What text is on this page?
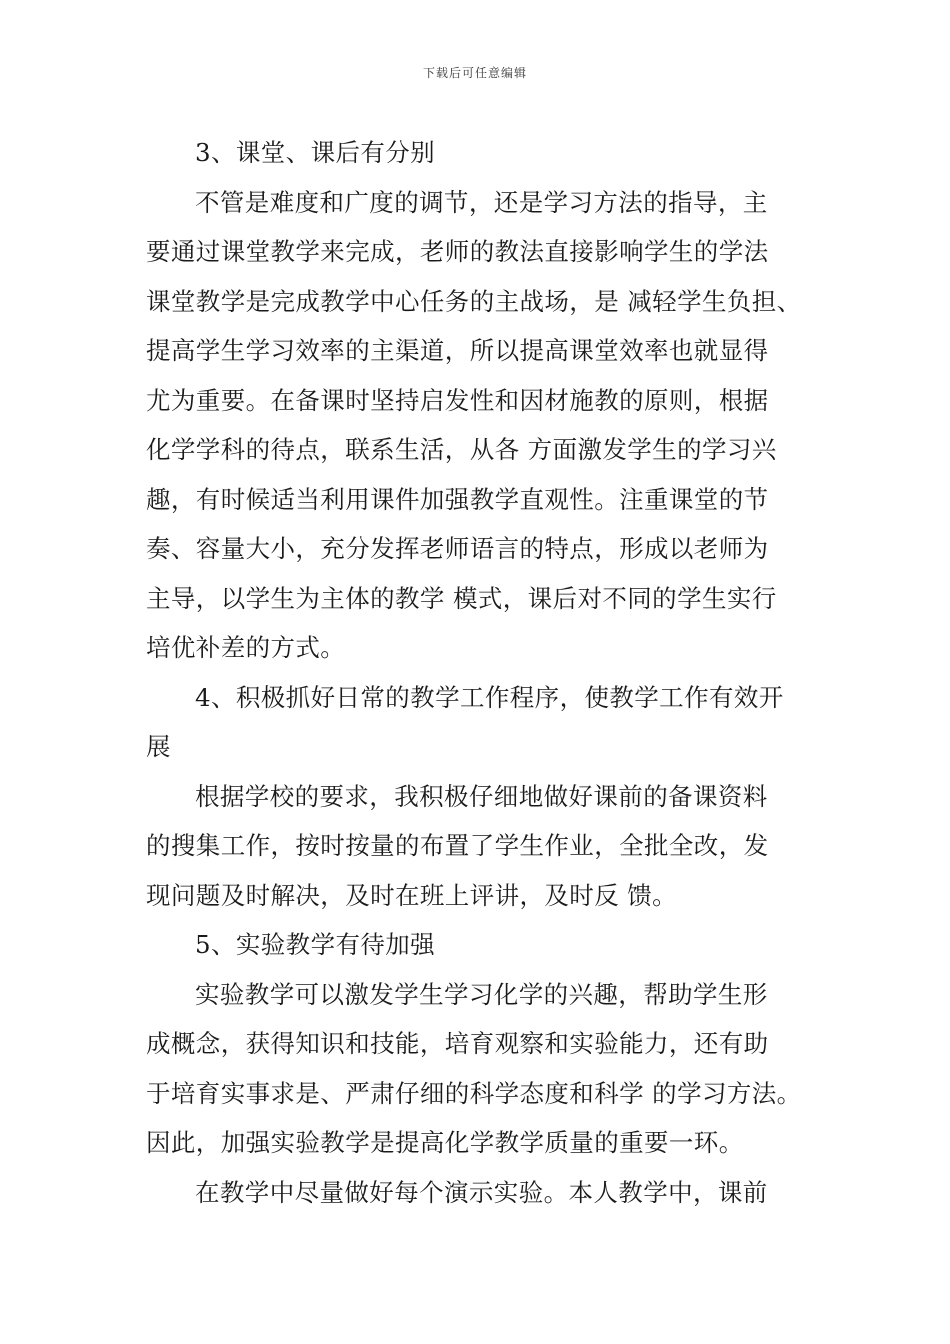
下载后可任意编辑
3、课堂、课后有分别
不管是难度和广度的调节，还是学习方法的指导，主
要通过课堂教学来完成，老师的教法直接影响学生的学法
课堂教学是完成教学中心任务的主战场，是 减轻学生负担、
提高学生学习效率的主渠道，所以提高课堂效率也就显得
尤为重要。在备课时坚持启发性和因材施教的原则，根据
化学学科的待点，联系生活，从各 方面激发学生的学习兴
趣，有时候适当利用课件加强教学直观性。注重课堂的节
奏、容量大小，充分发挥老师语言的特点，形成以老师为
主导，以学生为主体的教学 模式，课后对不同的学生实行
培优补差的方式。
4、积极抓好日常的教学工作程序，使教学工作有效开
展
根据学校的要求，我积极仔细地做好课前的备课资料
的搜集工作，按时按量的布置了学生作业，全批全改，发
现问题及时解决，及时在班上评讲，及时反 馈。
5、实验教学有待加强
实验教学可以激发学生学习化学的兴趣，帮助学生形
成概念，获得知识和技能，培育观察和实验能力，还有助
于培育实事求是、严肃仔细的科学态度和科学 的学习方法。
因此，加强实验教学是提高化学教学质量的重要一环。
在教学中尽量做好每个演示实验。本人教学中，课前
